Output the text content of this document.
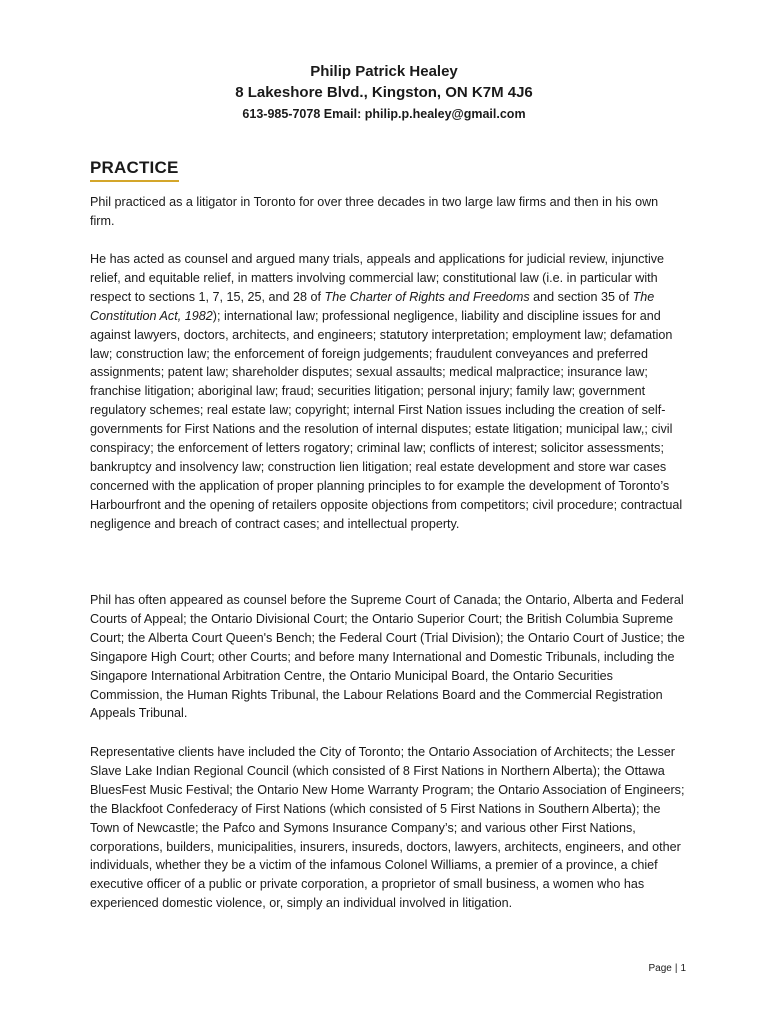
Philip Patrick Healey
8 Lakeshore Blvd., Kingston, ON K7M 4J6
613-985-7078 Email: philip.p.healey@gmail.com
PRACTICE

Phil practiced as a litigator in Toronto for over three decades in two large law firms and then in his own firm.

He has acted as counsel and argued many trials, appeals and applications for judicial review, injunctive relief, and equitable relief, in matters involving commercial law; constitutional law (i.e. in particular with respect to sections 1, 7, 15, 25, and 28 of The Charter of Rights and Freedoms and section 35 of The Constitution Act, 1982); international law; professional negligence, liability and discipline issues for and against lawyers, doctors, architects, and engineers; statutory interpretation; employment law; defamation law; construction law; the enforcement of foreign judgements; fraudulent conveyances and preferred assignments; patent law; shareholder disputes; sexual assaults; medical malpractice; insurance law; franchise litigation; aboriginal law; fraud; securities litigation; personal injury; family law; government regulatory schemes; real estate law; copyright; internal First Nation issues including the creation of self-governments for First Nations and the resolution of internal disputes; estate litigation; municipal law,; civil conspiracy; the enforcement of letters rogatory; criminal law; conflicts of interest; solicitor assessments; bankruptcy and insolvency law; construction lien litigation; real estate development and store war cases concerned with the application of proper planning principles to for example the development of Toronto’s Harbourfront and the opening of retailers opposite objections from competitors; civil procedure; contractual negligence and breach of contract cases; and intellectual property.

Phil has often appeared as counsel before the Supreme Court of Canada; the Ontario, Alberta and Federal Courts of Appeal; the Ontario Divisional Court; the Ontario Superior Court; the British Columbia Supreme Court; the Alberta Court Queen's Bench; the Federal Court (Trial Division); the Ontario Court of Justice; the Singapore High Court; other Courts; and before many International and Domestic Tribunals, including the Singapore International Arbitration Centre, the Ontario Municipal Board, the Ontario Securities Commission, the Human Rights Tribunal, the Labour Relations Board and the Commercial Registration Appeals Tribunal.

Representative clients have included the City of Toronto; the Ontario Association of Architects; the Lesser Slave Lake Indian Regional Council (which consisted of 8 First Nations in Northern Alberta); the Ottawa BluesFest Music Festival; the Ontario New Home Warranty Program; the Ontario Association of Engineers; the Blackfoot Confederacy of First Nations (which consisted of 5 First Nations in Southern Alberta); the Town of Newcastle; the Pafco and Symons Insurance Company’s; and various other First Nations, corporations, builders, municipalities, insurers, insureds, doctors, lawyers, architects, engineers, and other individuals, whether they be a victim of the infamous Colonel Williams, a premier of a province, a chief executive officer of a public or private corporation, a proprietor of small business, a women who has experienced domestic violence, or, simply an individual involved in litigation.

Page | 1
